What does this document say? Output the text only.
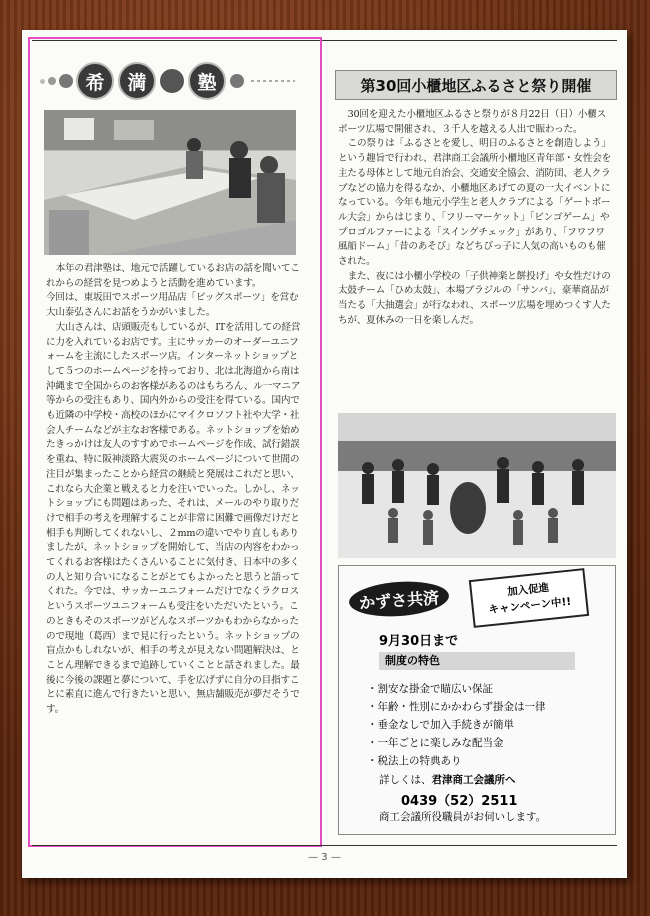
希	満	塾

本年の君津塾は、地元で活躍しているお店の話を聞いてこれからの経営を見つめようと活動を進めています。

今回は、東坂田でスポーツ用品店「ビッグスポーツ」を営む大山泰弘さんにお話をうかがいました。

大山さんは、店頭販売もしているが、ITを活用しての経営に力を入れているお店です。主にサッカーのオーダーユニフォームを主流にしたスポーツ店。インターネットショップとして５つのホームページを持っており、北は北海道から南は沖縄まで全国からのお客様があるのはもちろん、ル一マニア等からの受注もあり、国内外からの受注を得ている。国内でも近隣の中学校・高校のほかにマイクロソフト社や大学・社会人チームなどが主なお客様である。ネットショップを始めたきっかけは友人のすすめでホームページを作成、試行錯誤を重ね、特に阪神淡路大震災のホームページについて世間の注目が集まったことから経営の継続と発展はこれだと思い、これなら大企業と戦えると力を注いでいった。しかし、ネットショップにも問題はあった、それは、メールのやり取りだけで相手の考えを理解することが非常に困難で画像だけだと相手も判断してくれないし、２mmの違いでやり直しもありましたが、ネットショップを開始して、当店の内容をわかってくれるお客様はたくさんいることに気付き、日本中の多くの人と知り合いになることがとてもよかったと思うと語ってくれた。今では、サッカーユニフォームだけでなくラクロスというスポーツユニフォームも受注をいただいたという。このときもそのスポーツがどんなスポーツかもわからなかったので現地（葛西）まで見に行ったという。ネットショップの盲点かもしれないが、相手の考えが見えない問題解決は、とことん理解できるまで追跡していくことと話されました。最後に今後の課題と夢について、手を広げずに自分の目指すことに素直に進んで行きたいと思い、無店舗販売が夢だそうです。

第30回小櫃地区ふるさと祭り開催

30回を迎えた小櫃地区ふるさと祭りが８月22日（日）小櫃スポーツ広場で開催され、３千人を越える人出で賑わった。

この祭りは「ふるさとを愛し、明日のふるさとを創造しよう」という趣旨で行われ、君津商工会議所小櫃地区青年部・女性会を主たる母体として地元自治会、交通安全協会、消防団、老人クラブなどの協力を得るなか、小櫃地区あげての夏の一大イベントになっている。今年も地元小学生と老人クラブによる「ゲートボール大会」からはじまり、「フリーマーケット」「ビンゴゲーム」やプロゴルファーによる「スイングチェック」があり、「フワフワ風船ドーム」「昔のあそび」などちびっ子に人気の高いものも催された。

また、夜には小櫃小学校の「子供神楽と餅投げ」や女性だけの太鼓チーム「ひめ太鼓」、本場ブラジルの「サンバ」、豪華商品が当たる「大抽選会」が行なわれ、スポーツ広場を埋めつくす人たちが、夏休みの一日を楽しんだ。

かずさ共済	加入促進
キャンペーン中!!
9月30日まで
制度の特色
・ 割安な掛金で瞄広い保証
・ 年齢・性別にかかわらず掛金は一律
・ 垂金なしで加入手続きが簡単
・ 一年ごとに楽しみな配当金
・ 税法上の特典あり
詳しくは、君津商工会議所へ
0439（52）2511
商工会議所役職員がお伺いします。
— 3 —
